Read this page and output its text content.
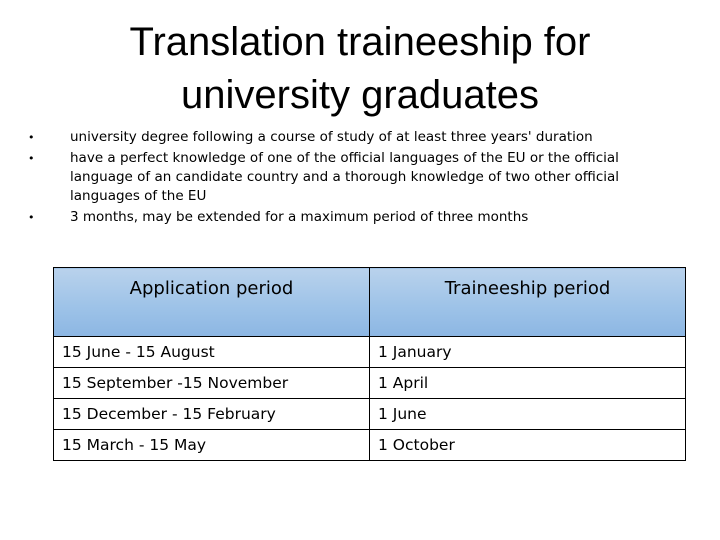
Translation traineeship for
university graduates
•	university degree following a course of study of at least three years' duration
•	have a perfect knowledge of one of the official languages of the EU or the official language of an candidate country and a thorough knowledge of two other official languages of the EU
•	3 months, may be extended for a maximum period of three months
Application period	Traineeship period
15 June - 15 August	1 January
15 September -15 November	1 April
15 December - 15 February	1 June
15 March - 15 May	1 October
